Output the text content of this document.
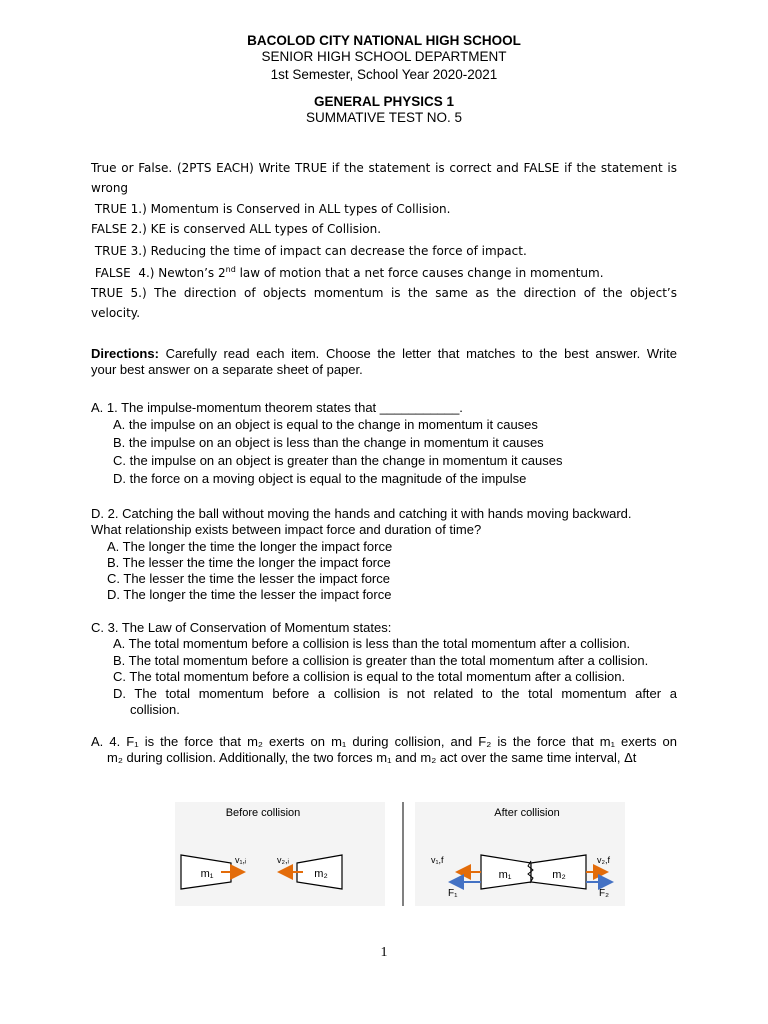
BACOLOD CITY NATIONAL HIGH SCHOOL
SENIOR HIGH SCHOOL DEPARTMENT
1st Semester, School Year 2020-2021
GENERAL PHYSICS 1
SUMMATIVE TEST NO. 5
True or False. (2PTS EACH) Write TRUE if the statement is correct and FALSE if the statement is
wrong
TRUE 1.) Momentum is Conserved in ALL types of Collision.
FALSE 2.) KE is conserved ALL types of Collision.
TRUE 3.) Reducing the time of impact can decrease the force of impact.
FALSE  4.) Newton’s 2nd law of motion that a net force causes change in momentum.
TRUE 5.) The direction of objects momentum is the same as the direction of the object’s
velocity.
Directions: Carefully read each item. Choose the letter that matches to the best answer. Write
your best answer on a separate sheet of paper.
A. 1. The impulse-momentum theorem states that ___________.
A. the impulse on an object is equal to the change in momentum it causes
B. the impulse on an object is less than the change in momentum it causes
C. the impulse on an object is greater than the change in momentum it causes
D. the force on a moving object is equal to the magnitude of the impulse
D. 2. Catching the ball without moving the hands and catching it with hands moving backward.
What relationship exists between impact force and duration of time?
A. The longer the time the longer the impact force
B. The lesser the time the longer the impact force
C. The lesser the time the lesser the impact force
D. The longer the time the lesser the impact force
C. 3. The Law of Conservation of Momentum states:
A. The total momentum before a collision is less than the total momentum after a collision.
B. The total momentum before a collision is greater than the total momentum after a collision.
C. The total momentum before a collision is equal to the total momentum after a collision.
D. The total momentum before a collision is not related to the total momentum after a
collision.
A. 4. F₁ is the force that m₂ exerts on m₁ during collision, and F₂ is the force that m₁ exerts on
m₂ during collision. Additionally, the two forces m₁ and m₂ act over the same time interval, Δt
Before collision	After collision
m₁
v₁,ᵢ
m₂
v₂,ᵢ
m₁	m₂
v₁,f
F₁
v₂,f
F₂
1
